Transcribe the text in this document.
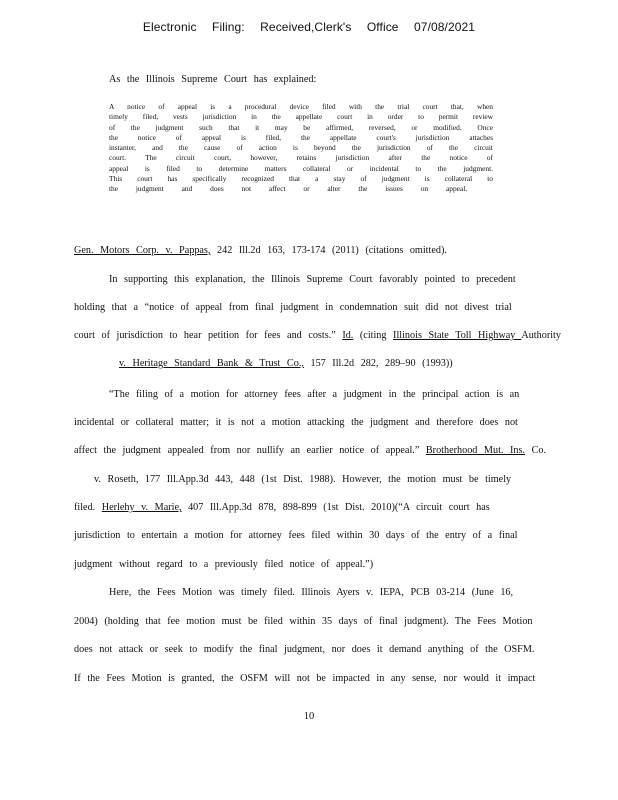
Electronic Filing: Received,Clerk's Office 07/08/2021
As the Illinois Supreme Court has explained:
A notice of appeal is a procedural device filed with the trial court that, when
timely filed, vests jurisdiction in the appellate court in order to permit review
of the judgment such that it may be affirmed, reversed, or modified. Once
the notice of appeal is filed, the appellate court's jurisdiction attaches
instanter, and the cause of action is beyond the jurisdiction of the circuit
court. The circuit court, however, retains jurisdiction after the notice of
appeal is filed to determine matters collateral or incidental to the judgment.
This court has specifically recognized that a stay of judgment is collateral to
the judgment and does not affect or alter the issues on appeal.
Gen. Motors Corp. v. Pappas, 242 Ill.2d 163, 173-174 (2011) (citations omitted).
In supporting this explanation, the Illinois Supreme Court favorably pointed to precedent
holding that a “notice of appeal from final judgment in condemnation suit did not divest trial
court of jurisdiction to hear petition for fees and costs.” Id. (citing Illinois State Toll Highway Authority
v. Heritage Standard Bank & Trust Co., 157 Ill.2d 282, 289–90 (1993))
“The filing of a motion for attorney fees after a judgment in the principal action is an
incidental or collateral matter; it is not a motion attacking the judgment and therefore does not
affect the judgment appealed from nor nullify an earlier notice of appeal.” Brotherhood Mut. Ins. Co.
v. Roseth, 177 Ill.App.3d 443, 448 (1st Dist. 1988). However, the motion must be timely
filed. Herlehy v. Marie, 407 Ill.App.3d 878, 898-899 (1st Dist. 2010)(“A circuit court has
jurisdiction to entertain a motion for attorney fees filed within 30 days of the entry of a final
judgment without regard to a previously filed notice of appeal.”)
Here, the Fees Motion was timely filed. Illinois Ayers v. IEPA, PCB 03-214 (June 16,
2004) (holding that fee motion must be filed within 35 days of final judgment). The Fees Motion
does not attack or seek to modify the final judgment, nor does it demand anything of the OSFM.
If the Fees Motion is granted, the OSFM will not be impacted in any sense, nor would it impact
10
